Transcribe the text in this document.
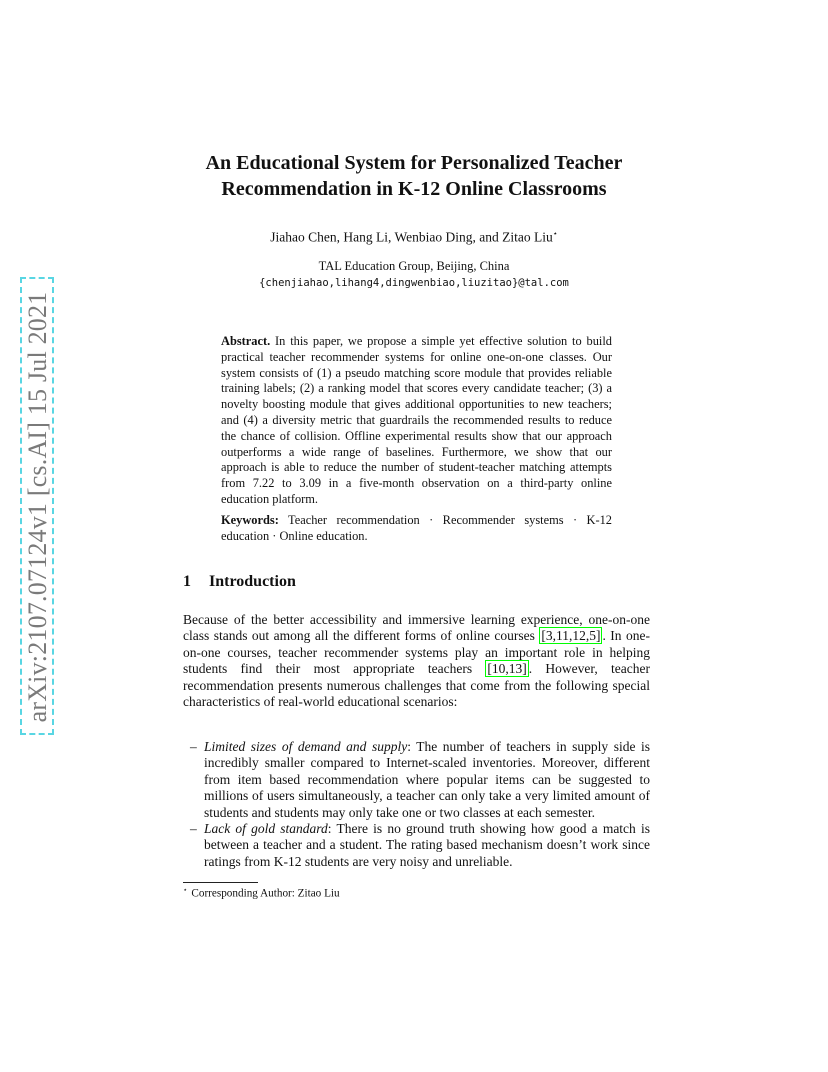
arXiv:2107.07124v1 [cs.AI] 15 Jul 2021
An Educational System for Personalized Teacher
Recommendation in K-12 Online Classrooms
Jiahao Chen, Hang Li, Wenbiao Ding, and Zitao Liu⋆
TAL Education Group, Beijing, China
{chenjiahao,lihang4,dingwenbiao,liuzitao}@tal.com
Abstract. In this paper, we propose a simple yet effective solution to build practical teacher recommender systems for online one-on-one classes. Our system consists of (1) a pseudo matching score module that provides reliable training labels; (2) a ranking model that scores every candidate teacher; (3) a novelty boosting module that gives additional opportunities to new teachers; and (4) a diversity metric that guardrails the recommended results to reduce the chance of collision. Offline experimental results show that our approach outperforms a wide range of baselines. Furthermore, we show that our approach is able to reduce the number of student-teacher matching attempts from 7.22 to 3.09 in a five-month observation on a third-party online education platform.
Keywords: Teacher recommendation · Recommender systems · K-12 education · Online education.
1 Introduction
Because of the better accessibility and immersive learning experience, one-on-one class stands out among all the different forms of online courses [3,11,12,5] . In one-on-one courses, teacher recommender systems play an important role in helping students find their most appropriate teachers [10,13] . However, teacher recommendation presents numerous challenges that come from the following special characteristics of real-world educational scenarios:
– Limited sizes of demand and supply: The number of teachers in supply side is incredibly smaller compared to Internet-scaled inventories. Moreover, different from item based recommendation where popular items can be suggested to millions of users simultaneously, a teacher can only take a very limited amount of students and students may only take one or two classes at each semester.
– Lack of gold standard: There is no ground truth showing how good a match is between a teacher and a student. The rating based mechanism doesn’t work since ratings from K-12 students are very noisy and unreliable.
⋆ Corresponding Author: Zitao Liu
